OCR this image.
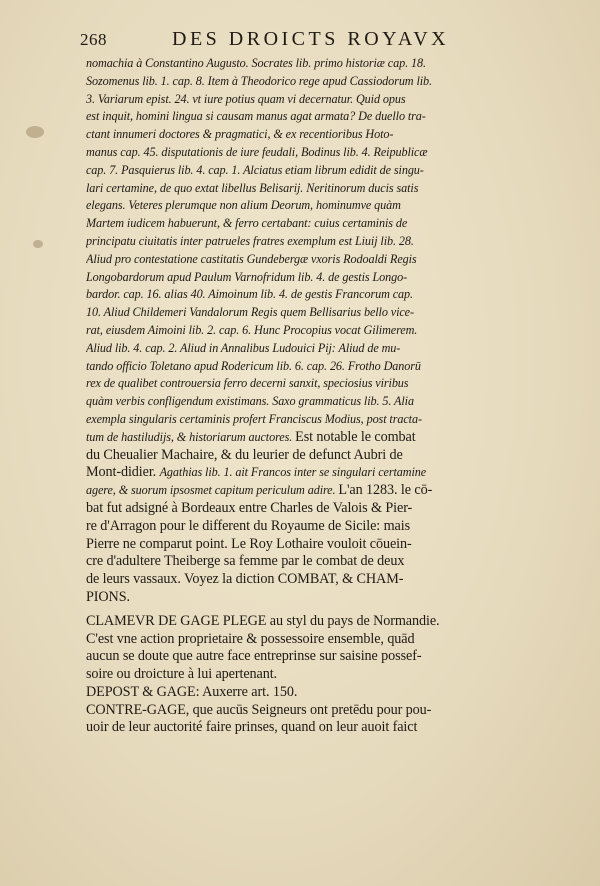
268	DES DROICTS ROYAVX
nomachia à Constantino Augusto. Socrates lib. primo historiæ cap. 18.
Sozomenus lib. 1. cap. 8. Item à Theodorico rege apud Cassiodorum lib.
3. Variarum epist. 24. vt iure potius quam vi decernatur. Quid opus
est inquit, homini lingua si causam manus agat armata? De duello tra-
ctant innumeri doctores & pragmatici, & ex recentioribus Hoto-
manus cap. 45. disputationis de iure feudali, Bodinus lib. 4. Reipublicæ
cap. 7. Pasquierus lib. 4. cap. 1. Alciatus etiam librum edidit de singu-
lari certamine, de quo extat libellus Belisarij. Neritinorum ducis satis
elegans. Veteres plerumque non alium Deorum, hominumve quàm
Martem iudicem habuerunt, & ferro certabant: cuius certaminis de
principatu ciuitatis inter patrueles fratres exemplum est Liuij lib. 28.
Aliud pro contestatione castitatis Gundebergæ vxoris Rodoaldi Regis
Longobardorum apud Paulum Varnofridum lib. 4. de gestis Longo-
bardor. cap. 16. alias 40. Aimoinum lib. 4. de gestis Francorum cap.
10. Aliud Childemeri Vandalorum Regis quem Bellisarius bello vice-
rat, eiusdem Aimoini lib. 2. cap. 6. Hunc Procopius vocat Gilimerem.
Aliud lib. 4. cap. 2. Aliud in Annalibus Ludouici Pij: Aliud de mu-
tando officio Toletano apud Rodericum lib. 6. cap. 26. Frotho Danorū
rex de qualibet controuersia ferro decerni sanxit, speciosius viribus
quàm verbis confligendum existimans. Saxo grammaticus lib. 5. Alia
exempla singularis certaminis profert Franciscus Modius, post tracta-
tum de hastiludijs, & historiarum auctores. Est notable le combat
du Cheualier Machaire, & du leurier de defunct Aubri de
Mont-didier. Agathias lib. 1. ait Francos inter se singulari certamine
agere, & suorum ipsosmet capitum periculum adire. L'an 1283. le cō-
bat fut adsigné à Bordeaux entre Charles de Valois & Pier-
re d'Arragon pour le different du Royaume de Sicile: mais
Pierre ne comparut point. Le Roy Lothaire vouloit cōuein-
cre d'adultere Theiberge sa femme par le combat de deux
de leurs vassaux. Voyez la diction COMBAT, & CHAM-
PIONS.
CLAMEVR DE GAGE PLEGE au styl du pays de Normandie.
C'est vne action proprietaire & possessoire ensemble, quād
aucun se doute que autre face entreprinse sur saisine possef-
soire ou droicture à lui apertenant.
DEPOST & GAGE: Auxerre art. 150.
CONTRE-GAGE, que aucūs Seigneurs ont pretēdu pour pou-
uoir de leur auctorité faire prinses, quand on leur auoit faict
